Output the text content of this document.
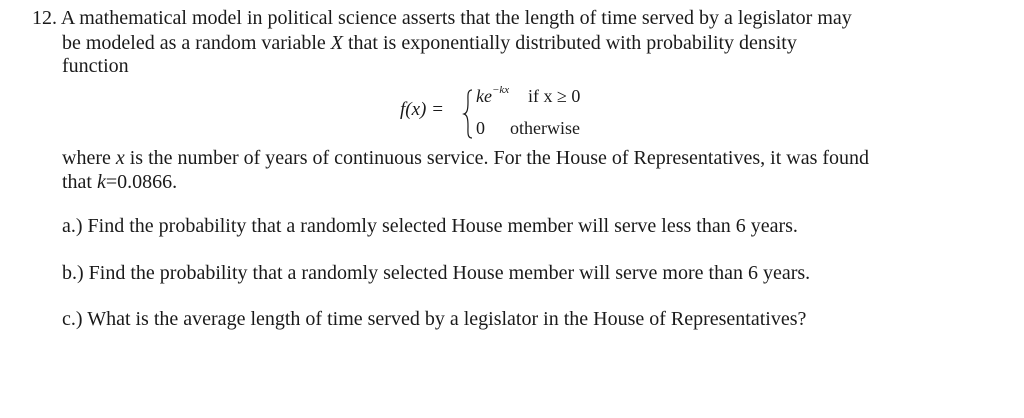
12. A mathematical model in political science asserts that the length of time served by a legislator may
be modeled as a random variable X that is exponentially distributed with probability density
function
f(x) =
$ke^{-kx}$ if x ≥ 0
0 otherwise
where x is the number of years of continuous service. For the House of Representatives, it was found
that k=0.0866.
a.) Find the probability that a randomly selected House member will serve less than 6 years.
b.) Find the probability that a randomly selected House member will serve more than 6 years.
c.) What is the average length of time served by a legislator in the House of Representatives?
